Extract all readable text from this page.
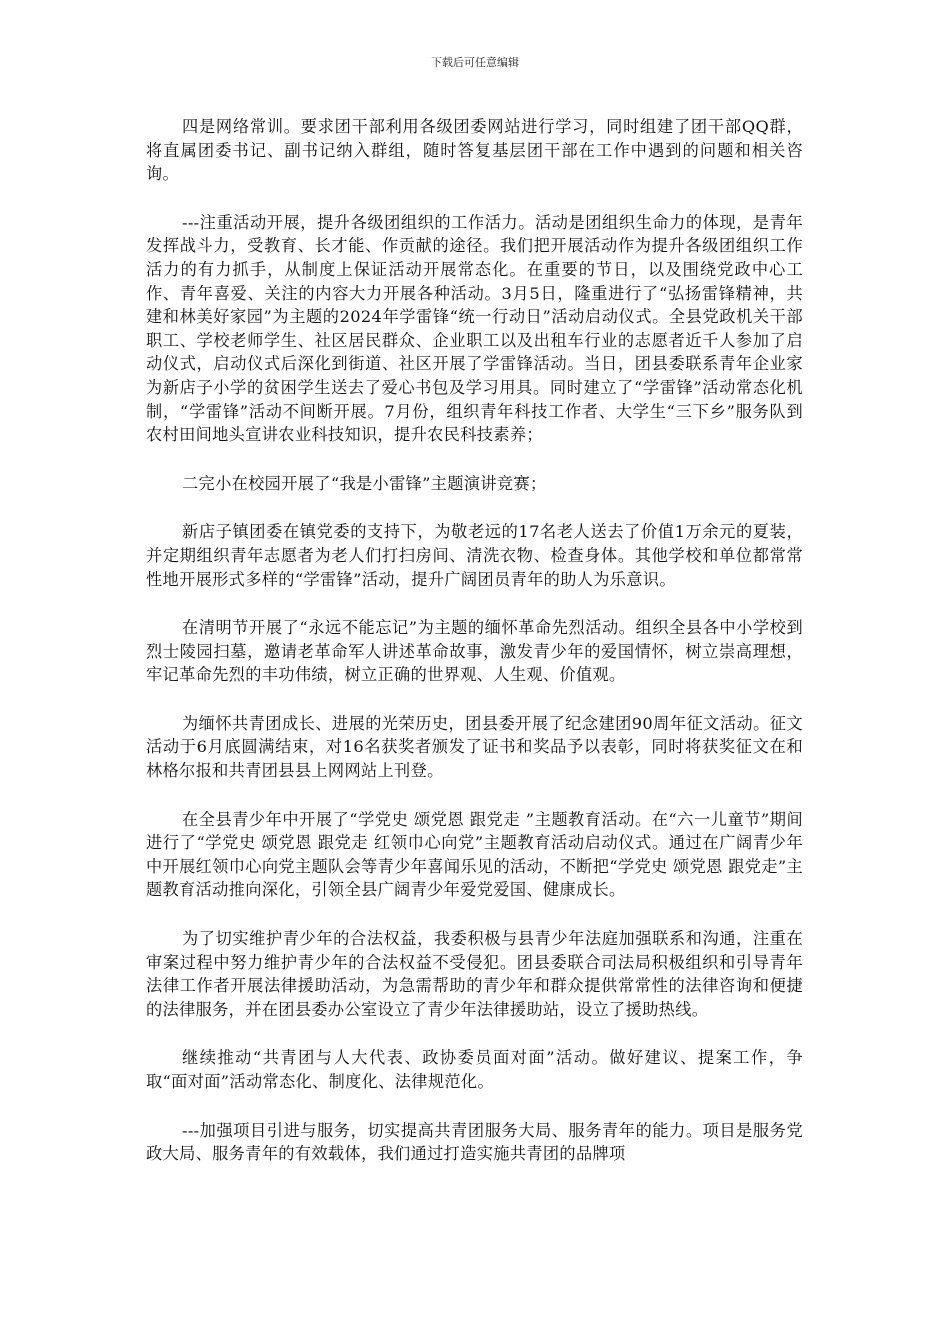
下载后可任意编辑

四是网络常训。要求团干部利用各级团委网站进行学习，同时组建了团干部QQ群，将直属团委书记、副书记纳入群组，随时答复基层团干部在工作中遇到的问题和相关咨询。

---注重活动开展，提升各级团组织的工作活力。活动是团组织生命力的体现，是青年发挥战斗力，受教育、长才能、作贡献的途径。我们把开展活动作为提升各级团组织工作活力的有力抓手，从制度上保证活动开展常态化。在重要的节日，以及围绕党政中心工作、青年喜爱、关注的内容大力开展各种活动。3月5日，隆重进行了“弘扬雷锋精神，共建和林美好家园”为主题的2024年学雷锋“统一行动日”活动启动仪式。全县党政机关干部职工、学校老师学生、社区居民群众、企业职工以及出租车行业的志愿者近千人参加了启动仪式，启动仪式后深化到街道、社区开展了学雷锋活动。当日，团县委联系青年企业家为新店子小学的贫困学生送去了爱心书包及学习用具。同时建立了“学雷锋”活动常态化机制，“学雷锋”活动不间断开展。7月份，组织青年科技工作者、大学生“三下乡”服务队到农村田间地头宣讲农业科技知识，提升农民科技素养；

二完小在校园开展了“我是小雷锋”主题演讲竞赛；

新店子镇团委在镇党委的支持下，为敬老远的17名老人送去了价值1万余元的夏装，并定期组织青年志愿者为老人们打扫房间、清洗衣物、检查身体。其他学校和单位都常常性地开展形式多样的“学雷锋”活动，提升广阔团员青年的助人为乐意识。

在清明节开展了“永远不能忘记”为主题的缅怀革命先烈活动。组织全县各中小学校到烈士陵园扫墓，邀请老革命军人讲述革命故事，激发青少年的爱国情怀，树立崇高理想，牢记革命先烈的丰功伟绩，树立正确的世界观、人生观、价值观。

为缅怀共青团成长、进展的光荣历史，团县委开展了纪念建团90周年征文活动。征文活动于6月底圆满结束，对16名获奖者颁发了证书和奖品予以表彰，同时将获奖征文在和林格尔报和共青团县县上网网站上刊登。

在全县青少年中开展了“学党史 颂党恩 跟党走 ”主题教育活动。在“六一儿童节”期间进行了“学党史 颂党恩 跟党走 红领巾心向党”主题教育活动启动仪式。通过在广阔青少年中开展红领巾心向党主题队会等青少年喜闻乐见的活动，不断把“学党史 颂党恩 跟党走”主题教育活动推向深化，引领全县广阔青少年爱党爱国、健康成长。

为了切实维护青少年的合法权益，我委积极与县青少年法庭加强联系和沟通，注重在审案过程中努力维护青少年的合法权益不受侵犯。团县委联合司法局积极组织和引导青年法律工作者开展法律援助活动，为急需帮助的青少年和群众提供常常性的法律咨询和便捷的法律服务，并在团县委办公室设立了青少年法律援助站，设立了援助热线。

继续推动“共青团与人大代表、政协委员面对面”活动。做好建议、提案工作，争取“面对面”活动常态化、制度化、法律规范化。

---加强项目引进与服务，切实提高共青团服务大局、服务青年的能力。项目是服务党政大局、服务青年的有效载体，我们通过打造实施共青团的品牌项
